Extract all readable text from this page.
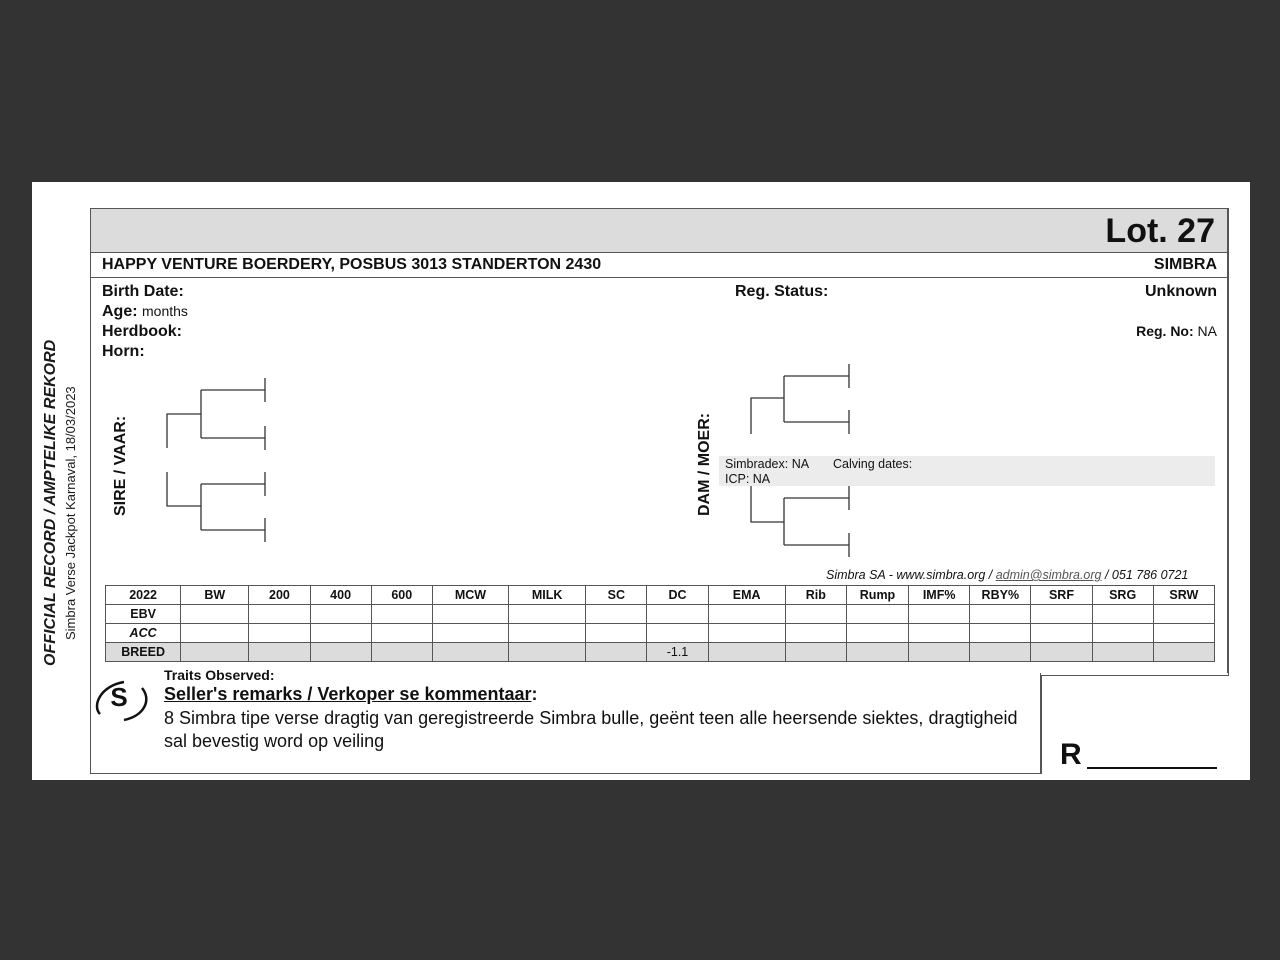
OFFICIAL RECORD / AMPTELIKE REKORD Simbra Verse Jackpot Karnaval, 18/03/2023
Lot. 27
HAPPY VENTURE BOERDERY, POSBUS 3013 STANDERTON 2430	SIMBRA
Birth Date:
Age: months
Herdbook:
Horn:
Reg. Status:	Unknown
Reg. No: NA
SIRE / VAAR:	DAM / MOER: Simbradex: NA Calving dates:
ICP: NA
Simbra SA - www.simbra.org / admin@simbra.org / 051 786 0721
2022	BW	200	400	600	MCW	MILK	SC	DC	EMA	Rib	Rump	IMF%	RBY%	SRF	SRG	SRW
EBV																
ACC																
BREED								-1.1								
S
Traits Observed:
Seller's remarks / Verkoper se kommentaar:
8 Simbra tipe verse dragtig van geregistreerde Simbra bulle, geënt teen alle heersende siektes, dragtigheid sal bevestig word op veiling	R
